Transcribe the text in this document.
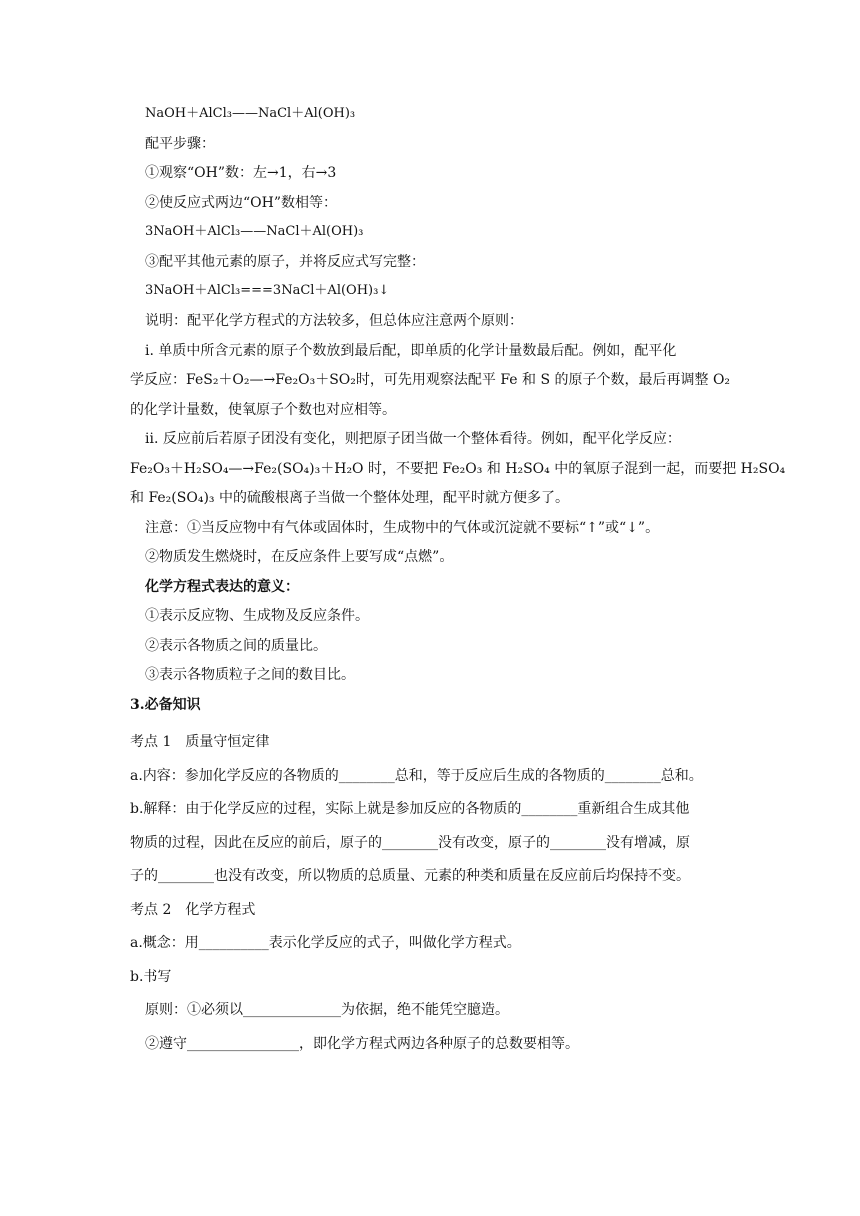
NaOH＋AlCl₃——NaCl＋Al(OH)₃
配平步骤：
①观察“OH”数：左→1，右→3
②使反应式两边“OH”数相等：
3NaOH＋AlCl₃——NaCl＋Al(OH)₃
③配平其他元素的原子，并将反应式写完整：
3NaOH＋AlCl₃===3NaCl＋Al(OH)₃↓
说明：配平化学方程式的方法较多，但总体应注意两个原则：
ⅰ. 单质中所含元素的原子个数放到最后配，即单质的化学计量数最后配。例如，配平化
学反应：FeS₂＋O₂—→Fe₂O₃＋SO₂时，可先用观察法配平 Fe 和 S 的原子个数，最后再调整 O₂
的化学计量数，使氧原子个数也对应相等。
ⅱ. 反应前后若原子团没有变化，则把原子团当做一个整体看待。例如，配平化学反应：
Fe₂O₃＋H₂SO₄—→Fe₂(SO₄)₃＋H₂O 时，不要把 Fe₂O₃ 和 H₂SO₄ 中的氧原子混到一起，而要把 H₂SO₄
和 Fe₂(SO₄)₃ 中的硫酸根离子当做一个整体处理，配平时就方便多了。
注意：①当反应物中有气体或固体时，生成物中的气体或沉淀就不要标“↑”或“↓”。
②物质发生燃烧时，在反应条件上要写成“点燃”。
化学方程式表达的意义：
①表示反应物、生成物及反应条件。
②表示各物质之间的质量比。
③表示各物质粒子之间的数目比。
3.必备知识
考点 1　质量守恒定律
a.内容：参加化学反应的各物质的________总和，等于反应后生成的各物质的________总和。
b.解释：由于化学反应的过程，实际上就是参加反应的各物质的________重新组合生成其他
物质的过程，因此在反应的前后，原子的________没有改变，原子的________没有增减，原
子的________也没有改变，所以物质的总质量、元素的种类和质量在反应前后均保持不变。
考点 2　化学方程式
a.概念：用__________表示化学反应的式子，叫做化学方程式。
b.书写
原则：①必须以______________为依据，绝不能凭空臆造。
②遵守________________，即化学方程式两边各种原子的总数要相等。
